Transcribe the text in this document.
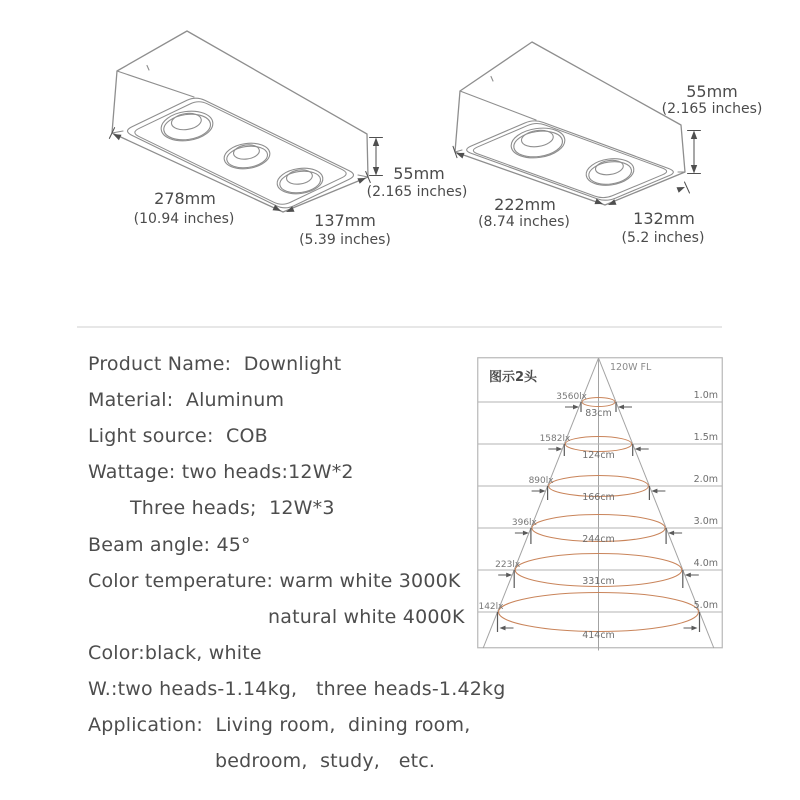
278mm
(10.94 inches)	137mm
(5.39 inches)
55mm
(2.165 inches)
222mm
(8.74 inches)	132mm
(5.2 inches)
55mm
(2.165 inches)
Product Name:  Downlight
Material:  Aluminum
Light source:  COB
Wattage: two heads:12W*2
Three heads;  12W*3
Beam angle: 45°
Color temperature: warm white 3000K
natural white 4000K
Color:black, white
W.:two heads-1.14kg,   three heads-1.42kg
Application:  Living room,  dining room,
bedroom,  study,   etc.
图示2头
120W FL
3560lx
83cm
1.0m
1582lx
124cm
1.5m
890lx
166cm
2.0m
396lx
244cm
3.0m
223lx
331cm
4.0m
142lx
414cm
5.0m
